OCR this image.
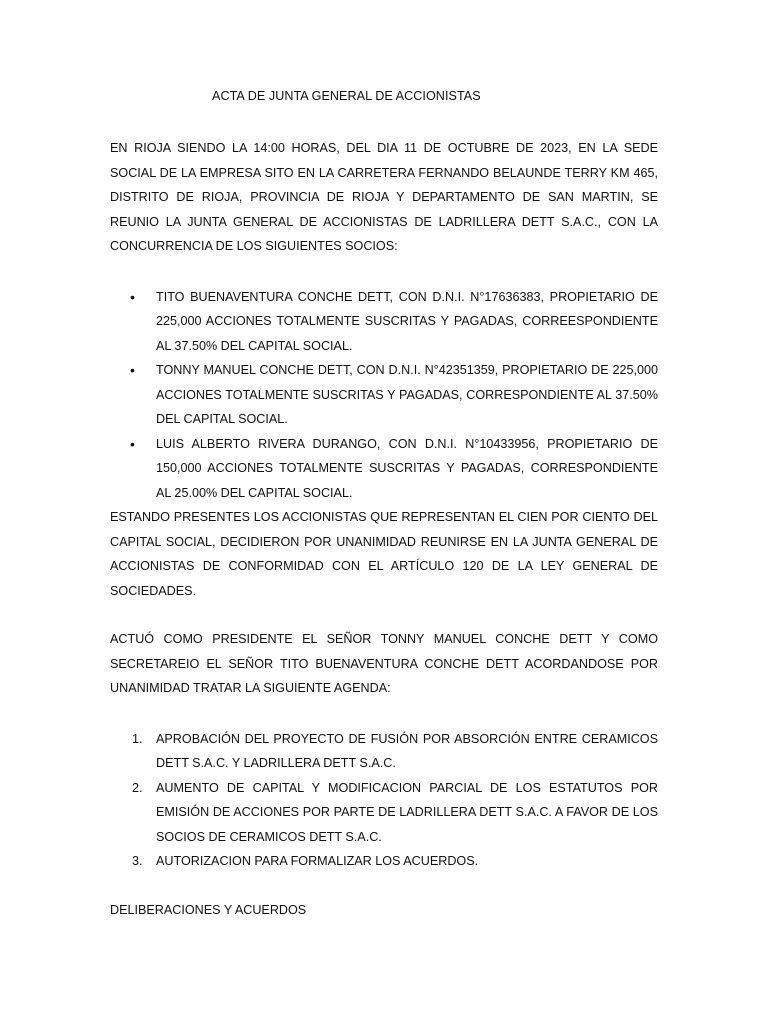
ACTA DE JUNTA GENERAL DE ACCIONISTAS

EN RIOJA SIENDO LA 14:00 HORAS, DEL DIA 11 DE OCTUBRE DE 2023, EN LA SEDE SOCIAL DE LA EMPRESA SITO EN LA CARRETERA FERNANDO BELAUNDE TERRY KM 465, DISTRITO DE RIOJA, PROVINCIA DE RIOJA Y DEPARTAMENTO DE SAN MARTIN, SE REUNIO LA JUNTA GENERAL DE ACCIONISTAS DE LADRILLERA DETT S.A.C., CON LA CONCURRENCIA DE LOS SIGUIENTES SOCIOS:

• TITO BUENAVENTURA CONCHE DETT, CON D.N.I. N°17636383, PROPIETARIO DE 225,000 ACCIONES TOTALMENTE SUSCRITAS Y PAGADAS, CORREESPONDIENTE AL 37.50% DEL CAPITAL SOCIAL.
• TONNY MANUEL CONCHE DETT, CON D.N.I. N°42351359, PROPIETARIO DE 225,000 ACCIONES TOTALMENTE SUSCRITAS Y PAGADAS, CORRESPONDIENTE AL 37.50% DEL CAPITAL SOCIAL.
• LUIS ALBERTO RIVERA DURANGO, CON D.N.I. N°10433956, PROPIETARIO DE 150,000 ACCIONES TOTALMENTE SUSCRITAS Y PAGADAS, CORRESPONDIENTE AL 25.00% DEL CAPITAL SOCIAL.

ESTANDO PRESENTES LOS ACCIONISTAS QUE REPRESENTAN EL CIEN POR CIENTO DEL CAPITAL SOCIAL, DECIDIERON POR UNANIMIDAD REUNIRSE EN LA JUNTA GENERAL DE ACCIONISTAS DE CONFORMIDAD CON EL ARTÍCULO 120 DE LA LEY GENERAL DE SOCIEDADES.

ACTUÓ COMO PRESIDENTE EL SEÑOR TONNY MANUEL CONCHE DETT Y COMO SECRETAREIO EL SEÑOR TITO BUENAVENTURA CONCHE DETT ACORDANDOSE POR UNANIMIDAD TRATAR LA SIGUIENTE AGENDA:

1. APROBACIÓN DEL PROYECTO DE FUSIÓN POR ABSORCIÓN ENTRE CERAMICOS DETT S.A.C. Y LADRILLERA DETT S.A.C.
2. AUMENTO DE CAPITAL Y MODIFICACION PARCIAL DE LOS ESTATUTOS POR EMISIÓN DE ACCIONES POR PARTE DE LADRILLERA DETT S.A.C. A FAVOR DE LOS SOCIOS DE CERAMICOS DETT S.A.C.
3. AUTORIZACION PARA FORMALIZAR LOS ACUERDOS.

DELIBERACIONES Y ACUERDOS
